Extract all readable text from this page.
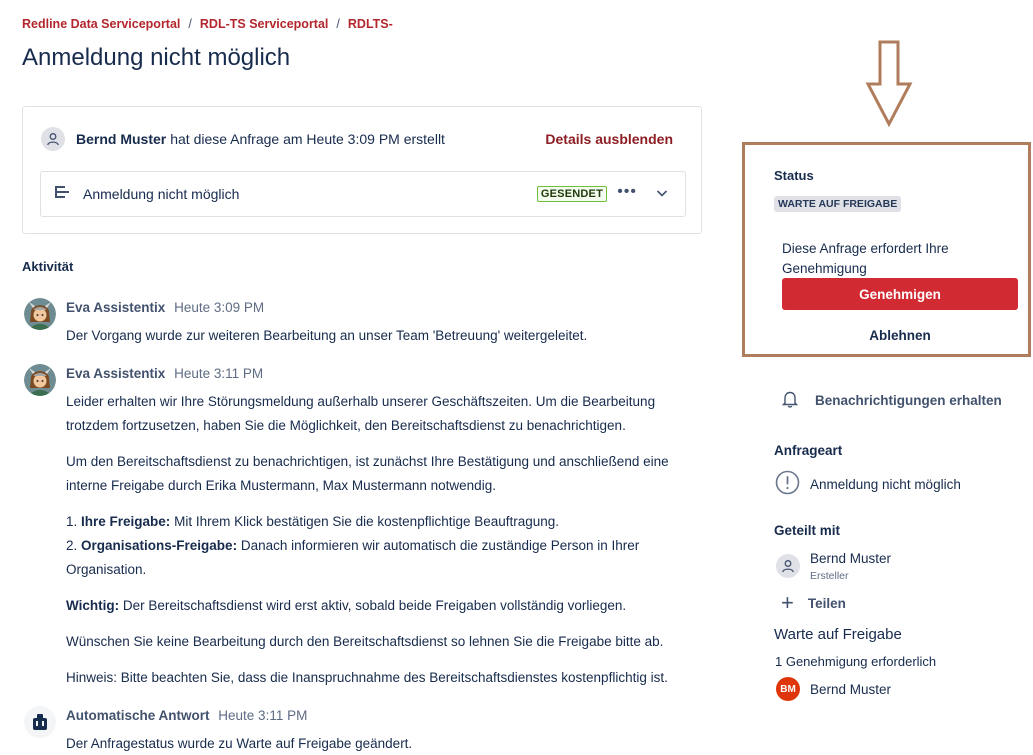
Redline Data Serviceportal / RDL-TS Serviceportal / RDLTS-
Anmeldung nicht möglich
Bernd Muster hat diese Anfrage am Heute 3:09 PM erstellt	Details ausblenden
Anmeldung nicht möglich	GESENDET •••
Aktivität
Eva Assistentix Heute 3:09 PM

Der Vorgang wurde zur weiteren Bearbeitung an unser Team 'Betreuung' weitergeleitet.

Eva Assistentix Heute 3:11 PM

Leider erhalten wir Ihre Störungsmeldung außerhalb unserer Geschäftszeiten. Um die Bearbeitung trotzdem fortzusetzen, haben Sie die Möglichkeit, den Bereitschaftsdienst zu benachrichtigen.

Um den Bereitschaftsdienst zu benachrichtigen, ist zunächst Ihre Bestätigung und anschließend eine interne Freigabe durch Erika Mustermann, Max Mustermann notwendig.

1. Ihre Freigabe: Mit Ihrem Klick bestätigen Sie die kostenpflichtige Beauftragung.
2. Organisations-Freigabe: Danach informieren wir automatisch die zuständige Person in Ihrer Organisation.

Wichtig: Der Bereitschaftsdienst wird erst aktiv, sobald beide Freigaben vollständig vorliegen.

Wünschen Sie keine Bearbeitung durch den Bereitschaftsdienst so lehnen Sie die Freigabe bitte ab.

Hinweis: Bitte beachten Sie, dass die Inanspruchnahme des Bereitschaftsdienstes kostenpflichtig ist.

Automatische Antwort Heute 3:11 PM

Der Anfragestatus wurde zu Warte auf Freigabe geändert.

Status
WARTE AUF FREIGABE
Diese Anfrage erfordert Ihre Genehmigung
Genehmigen
Ablehnen
Benachrichtigungen erhalten
Anfrageart
Anmeldung nicht möglich
Geteilt mit
Bernd Muster
Ersteller
+ Teilen
Warte auf Freigabe
1 Genehmigung erforderlich
BM	Bernd Muster
